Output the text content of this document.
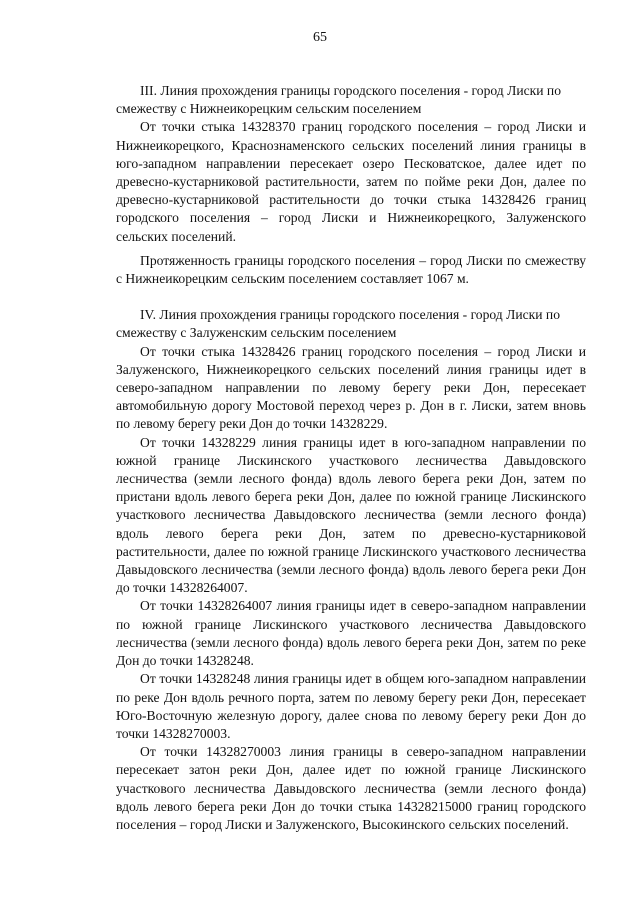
65

III. Линия прохождения границы городского поселения - город Лиски по смежеству с Нижнеикорецким сельским поселением

От точки стыка 14328370 границ городского поселения – город Лиски и Нижнеикорецкого, Краснознаменского сельских поселений линия границы в юго-западном направлении пересекает озеро Песковатское, далее идет по древесно-кустарниковой растительности, затем по пойме реки Дон, далее по древесно-кустарниковой растительности до точки стыка 14328426 границ городского поселения – город Лиски и Нижнеикорецкого, Залуженского сельских поселений.

Протяженность границы городского поселения – город Лиски по смежеству с Нижнеикорецким сельским поселением составляет 1067 м.

IV. Линия прохождения границы городского поселения - город Лиски по смежеству с Залуженским сельским поселением

От точки стыка 14328426 границ городского поселения – город Лиски и Залуженского, Нижнеикорецкого сельских поселений линия границы идет в северо-западном направлении по левому берегу реки Дон, пересекает автомобильную дорогу Мостовой переход через р. Дон в г. Лиски, затем вновь по левому берегу реки Дон до точки 14328229.

От точки 14328229 линия границы идет в юго-западном направлении по южной границе Лискинского участкового лесничества Давыдовского лесничества (земли лесного фонда) вдоль левого берега реки Дон, затем по пристани вдоль левого берега реки Дон, далее по южной границе Лискинского участкового лесничества Давыдовского лесничества (земли лесного фонда) вдоль левого берега реки Дон, затем по древесно-кустарниковой растительности, далее по южной границе Лискинского участкового лесничества Давыдовского лесничества (земли лесного фонда) вдоль левого берега реки Дон до точки 14328264007.

От точки 14328264007 линия границы идет в северо-западном направлении по южной границе Лискинского участкового лесничества Давыдовского лесничества (земли лесного фонда) вдоль левого берега реки Дон, затем по реке Дон до точки 14328248.

От точки 14328248 линия границы идет в общем юго-западном направлении по реке Дон вдоль речного порта, затем по левому берегу реки Дон, пересекает Юго-Восточную железную дорогу, далее снова по левому берегу реки Дон до точки 14328270003.

От точки 14328270003 линия границы в северо-западном направлении пересекает затон реки Дон, далее идет по южной границе Лискинского участкового лесничества Давыдовского лесничества (земли лесного фонда) вдоль левого берега реки Дон до точки стыка 14328215000 границ городского поселения – город Лиски и Залуженского, Высокинского сельских поселений.
